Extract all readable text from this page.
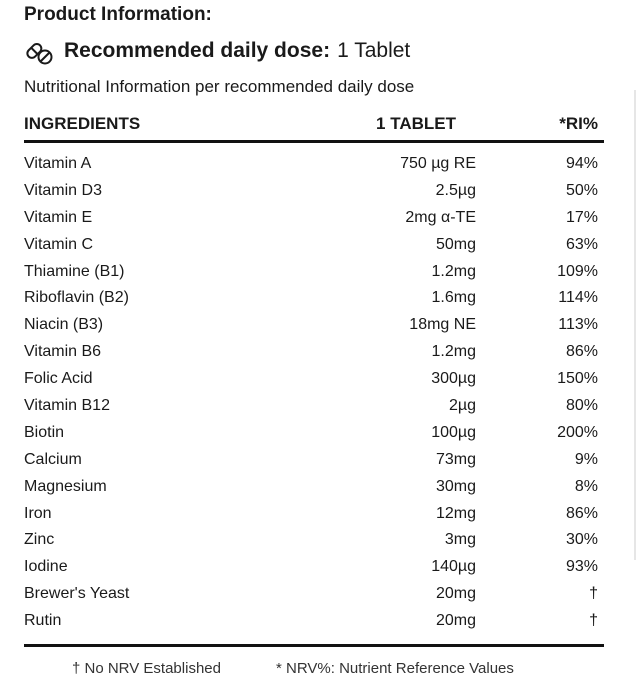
Product Information:
Recommended daily dose: 1 Tablet
Nutritional Information per recommended daily dose
INGREDIENTS	1 TABLET	*RI%
Vitamin A	750 µg RE	94%
Vitamin D3	2.5µg	50%
Vitamin E	2mg α-TE	17%
Vitamin C	50mg	63%
Thiamine (B1)	1.2mg	109%
Riboflavin (B2)	1.6mg	114%
Niacin (B3)	18mg NE	113%
Vitamin B6	1.2mg	86%
Folic Acid	300µg	150%
Vitamin B12	2µg	80%
Biotin	100µg	200%
Calcium	73mg	9%
Magnesium	30mg	8%
Iron	12mg	86%
Zinc	3mg	30%
Iodine	140µg	93%
Brewer's Yeast	20mg	†
Rutin	20mg	†
† No NRV Established	* NRV%: Nutrient Reference Values
